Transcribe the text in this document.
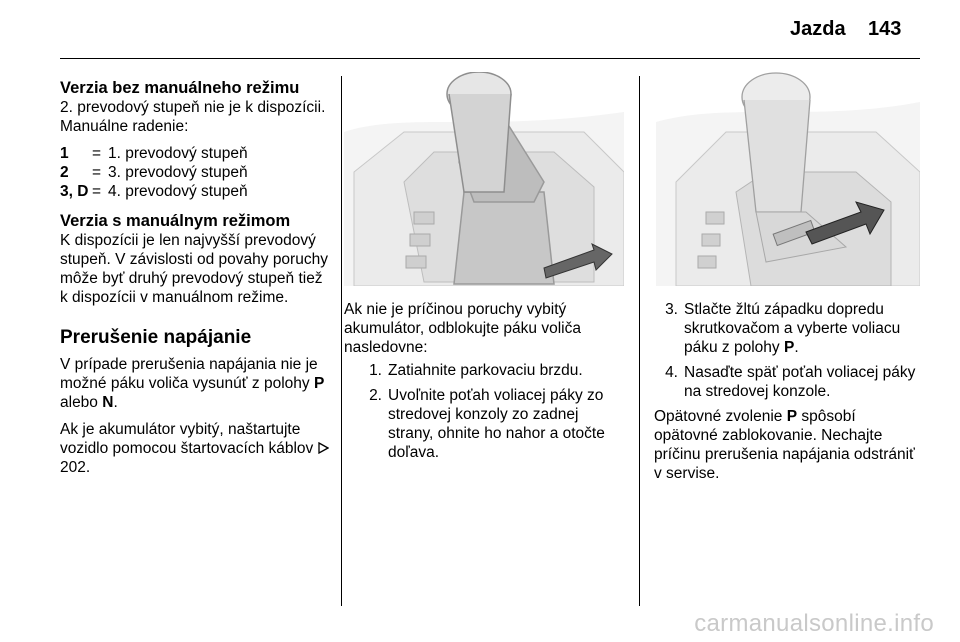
Jazda 143
Verzia bez manuálneho režimu

2. prevodový stupeň nie je k dispozícii. Manuálne radenie:

1	=	1. prevodový stupeň
2	=	3. prevodový stupeň
3, D	=	4. prevodový stupeň
Verzia s manuálnym režimom

K dispozícii je len najvyšší prevodový stupeň. V závislosti od povahy poruchy môže byť druhý prevodový stupeň tiež k dispozícii v manuálnom režime.

Prerušenie napájanie

V prípade prerušenia napájania nie je možné páku voliča vysunúť z polohy P alebo N.

Ak je akumulátor vybitý, naštartujte vozidlo pomocou štartovacích káblov  202.

Ak nie je príčinou poruchy vybitý akumulátor, odblokujte páku voliča nasledovne:

1. Zatiahnite parkovaciu brzdu.
2. Uvoľnite poťah voliacej páky zo stredovej konzoly zo zadnej strany, ohnite ho nahor a otočte doľava.
3. Stlačte žltú západku dopredu skrutkovačom a vyberte voliacu páku z polohy P.
4. Nasaďte späť poťah voliacej páky na stredovej konzole.

Opätovné zvolenie P spôsobí opätovné zablokovanie. Nechajte príčinu prerušenia napájania odstrániť v servise.

carmanualsonline.info
